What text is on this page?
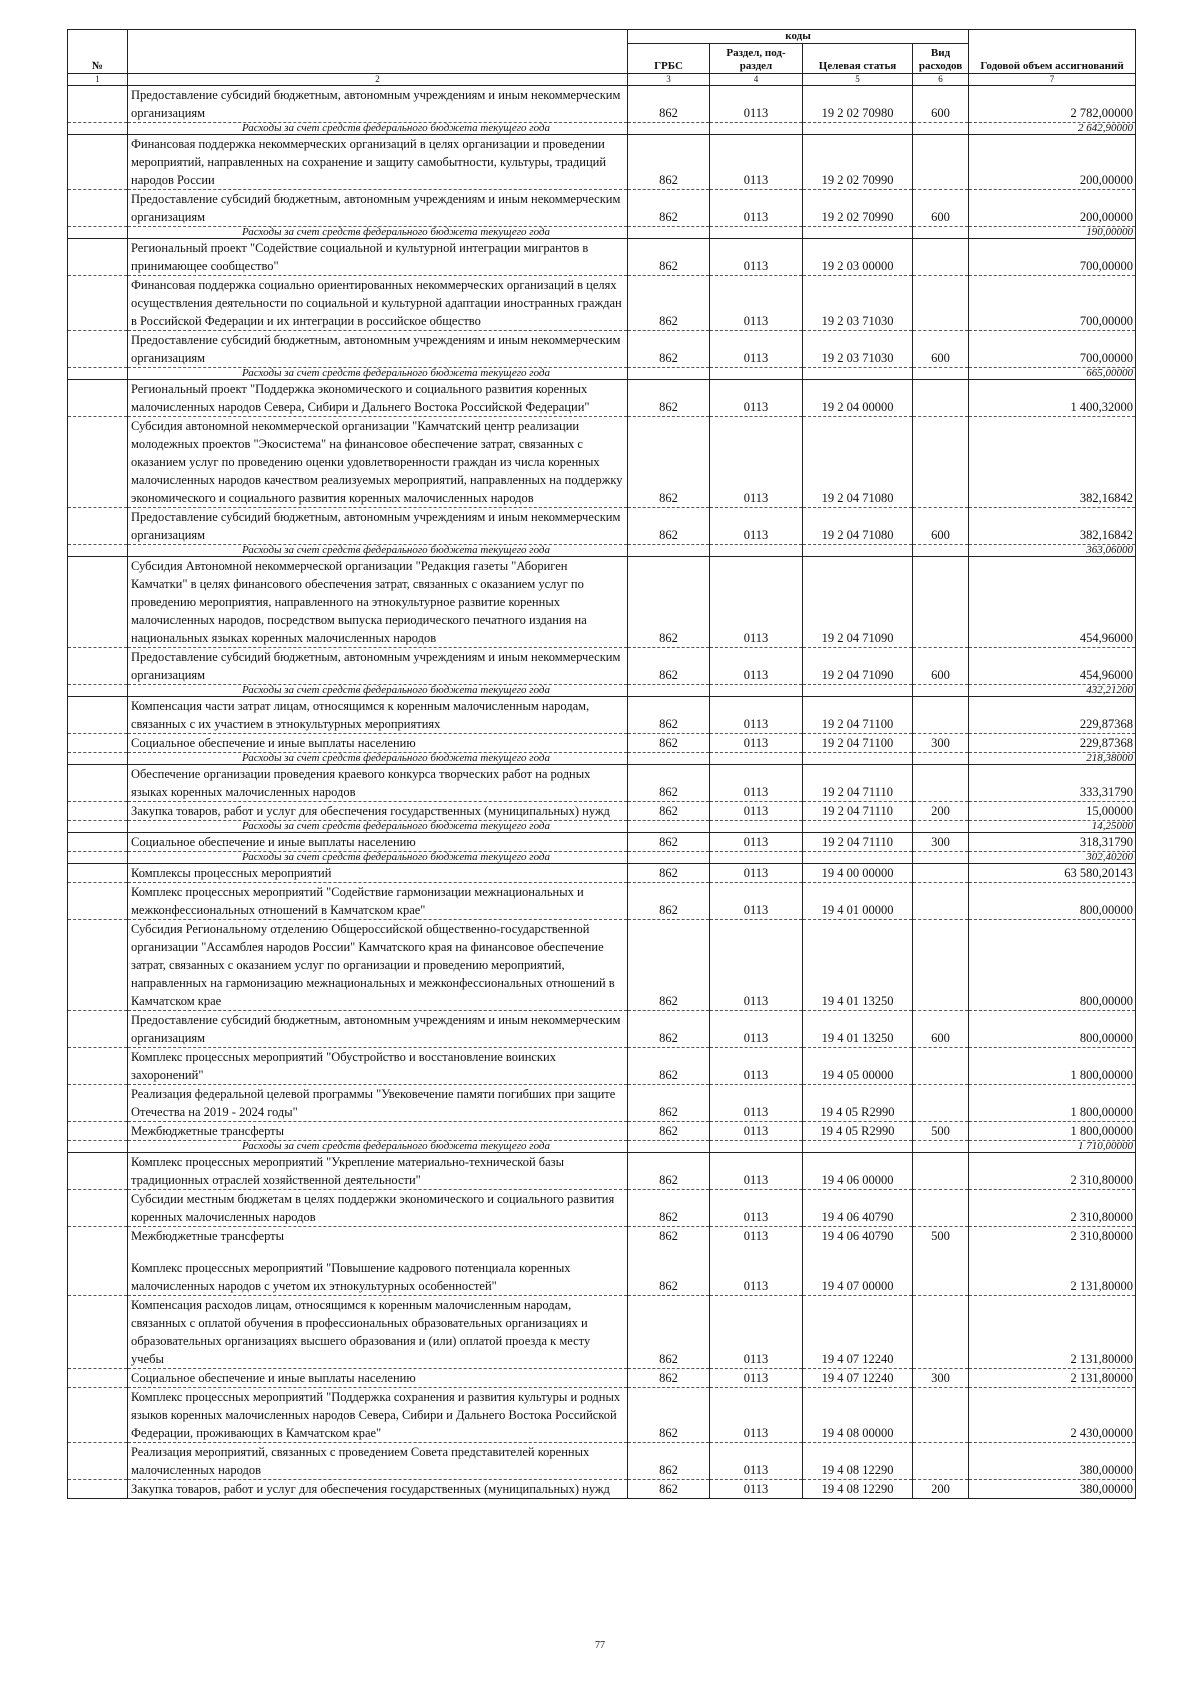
№		коды				Годовой объем ассигнований
		ГРБС	Раздел, под-раздел	Целевая статья	Вид расходов	
1	2	3	4	5	6	7
	Предоставление субсидий бюджетным, автономным учреждениям и иным некоммерческим организациям	862	0113	19 2 02 70980	600	2 782,00000
	Расходы за счет средств федерального бюджета текущего года					2 642,90000
	Финансовая поддержка некоммерческих организаций в целях организации и проведении мероприятий, направленных на сохранение и защиту самобытности, культуры, традиций народов России	862	0113	19 2 02 70990		200,00000
	Предоставление субсидий бюджетным, автономным учреждениям и иным некоммерческим организациям	862	0113	19 2 02 70990	600	200,00000
	Расходы за счет средств федерального бюджета текущего года					190,00000
	Региональный проект "Содействие социальной и культурной интеграции мигрантов в принимающее сообщество"	862	0113	19 2 03 00000		700,00000
	Финансовая поддержка социально ориентированных некоммерческих организаций в целях осуществления деятельности по социальной и культурной адаптации иностранных граждан в Российской Федерации и их интеграции в российское общество	862	0113	19 2 03 71030		700,00000
	Предоставление субсидий бюджетным, автономным учреждениям и иным некоммерческим организациям	862	0113	19 2 03 71030	600	700,00000
	Расходы за счет средств федерального бюджета текущего года					665,00000
	Региональный проект "Поддержка экономического и социального развития коренных малочисленных народов Севера, Сибири и Дальнего Востока Российской Федерации"	862	0113	19 2 04 00000		1 400,32000
	Субсидия автономной некоммерческой организации "Камчатский центр реализации молодежных проектов "Экосистема" на финансовое обеспечение затрат, связанных с оказанием услуг по проведению оценки удовлетворенности граждан из числа коренных малочисленных народов качеством реализуемых мероприятий, направленных на поддержку экономического и социального развития коренных малочисленных народов	862	0113	19 2 04 71080		382,16842
	Предоставление субсидий бюджетным, автономным учреждениям и иным некоммерческим организациям	862	0113	19 2 04 71080	600	382,16842
	Расходы за счет средств федерального бюджета текущего года					363,06000
	Субсидия Автономной некоммерческой организации "Редакция газеты "Абориген Камчатки" в целях финансового обеспечения затрат, связанных с оказанием услуг по проведению мероприятия, направленного на этнокультурное развитие коренных малочисленных народов, посредством выпуска периодического печатного издания на национальных языках коренных малочисленных народов	862	0113	19 2 04 71090		454,96000
	Предоставление субсидий бюджетным, автономным учреждениям и иным некоммерческим организациям	862	0113	19 2 04 71090	600	454,96000
	Расходы за счет средств федерального бюджета текущего года					432,21200
	Компенсация части затрат лицам, относящимся к коренным малочисленным народам, связанных с их участием в этнокультурных мероприятиях	862	0113	19 2 04 71100		229,87368
	Социальное обеспечение и иные выплаты населению	862	0113	19 2 04 71100	300	229,87368
	Расходы за счет средств федерального бюджета текущего года					218,38000
	Обеспечение организации проведения краевого конкурса творческих работ на родных языках коренных малочисленных народов	862	0113	19 2 04 71110		333,31790
	Закупка товаров, работ и услуг для обеспечения государственных (муниципальных) нужд	862	0113	19 2 04 71110	200	15,00000
	Расходы за счет средств федерального бюджета текущего года					14,25000
	Социальное обеспечение и иные выплаты населению	862	0113	19 2 04 71110	300	318,31790
	Расходы за счет средств федерального бюджета текущего года					302,40200
	Комплексы процессных мероприятий	862	0113	19 4 00 00000		63 580,20143
	Комплекс процессных мероприятий "Содействие гармонизации межнациональных и межконфессиональных отношений в Камчатском крае"	862	0113	19 4 01 00000		800,00000
	Субсидия Региональному отделению Общероссийской общественно-государственной организации "Ассамблея народов России" Камчатского края на финансовое обеспечение затрат, связанных с оказанием услуг по организации и проведению мероприятий, направленных на гармонизацию межнациональных и межконфессиональных отношений в Камчатском крае	862	0113	19 4 01 13250		800,00000
	Предоставление субсидий бюджетным, автономным учреждениям и иным некоммерческим организациям	862	0113	19 4 01 13250	600	800,00000
	Комплекс процессных мероприятий "Обустройство и восстановление воинских захоронений"	862	0113	19 4 05 00000		1 800,00000
	Реализация федеральной целевой программы "Увековечение памяти погибших при защите Отечества на 2019 - 2024 годы"	862	0113	19 4 05 R2990		1 800,00000
	Межбюджетные трансферты	862	0113	19 4 05 R2990	500	1 800,00000
	Расходы за счет средств федерального бюджета текущего года					1 710,00000
	Комплекс процессных мероприятий "Укрепление материально-технической базы традиционных отраслей хозяйственной деятельности"	862	0113	19 4 06 00000		2 310,80000
	Субсидии местным бюджетам в целях поддержки экономического и социального развития коренных малочисленных народов	862	0113	19 4 06 40790		2 310,80000
	Межбюджетные трансферты	862	0113	19 4 06 40790	500	2 310,80000

	Комплекс процессных мероприятий "Повышение кадрового потенциала коренных малочисленных народов с учетом их этнокультурных особенностей"	862	0113	19 4 07 00000		2 131,80000
	Компенсация расходов лицам, относящимся к коренным малочисленным народам, связанных с оплатой обучения в профессиональных образовательных организациях и образовательных организациях высшего образования и (или) оплатой проезда к месту учебы	862	0113	19 4 07 12240		2 131,80000
	Социальное обеспечение и иные выплаты населению	862	0113	19 4 07 12240	300	2 131,80000
	Комплекс процессных мероприятий "Поддержка сохранения и развития культуры и родных языков коренных малочисленных народов Севера, Сибири и Дальнего Востока Российской Федерации, проживающих в Камчатском крае"	862	0113	19 4 08 00000		2 430,00000
	Реализация мероприятий, связанных с проведением Совета представителей коренных малочисленных народов	862	0113	19 4 08 12290		380,00000
	Закупка товаров, работ и услуг для обеспечения государственных (муниципальных) нужд	862	0113	19 4 08 12290	200	380,00000
77
